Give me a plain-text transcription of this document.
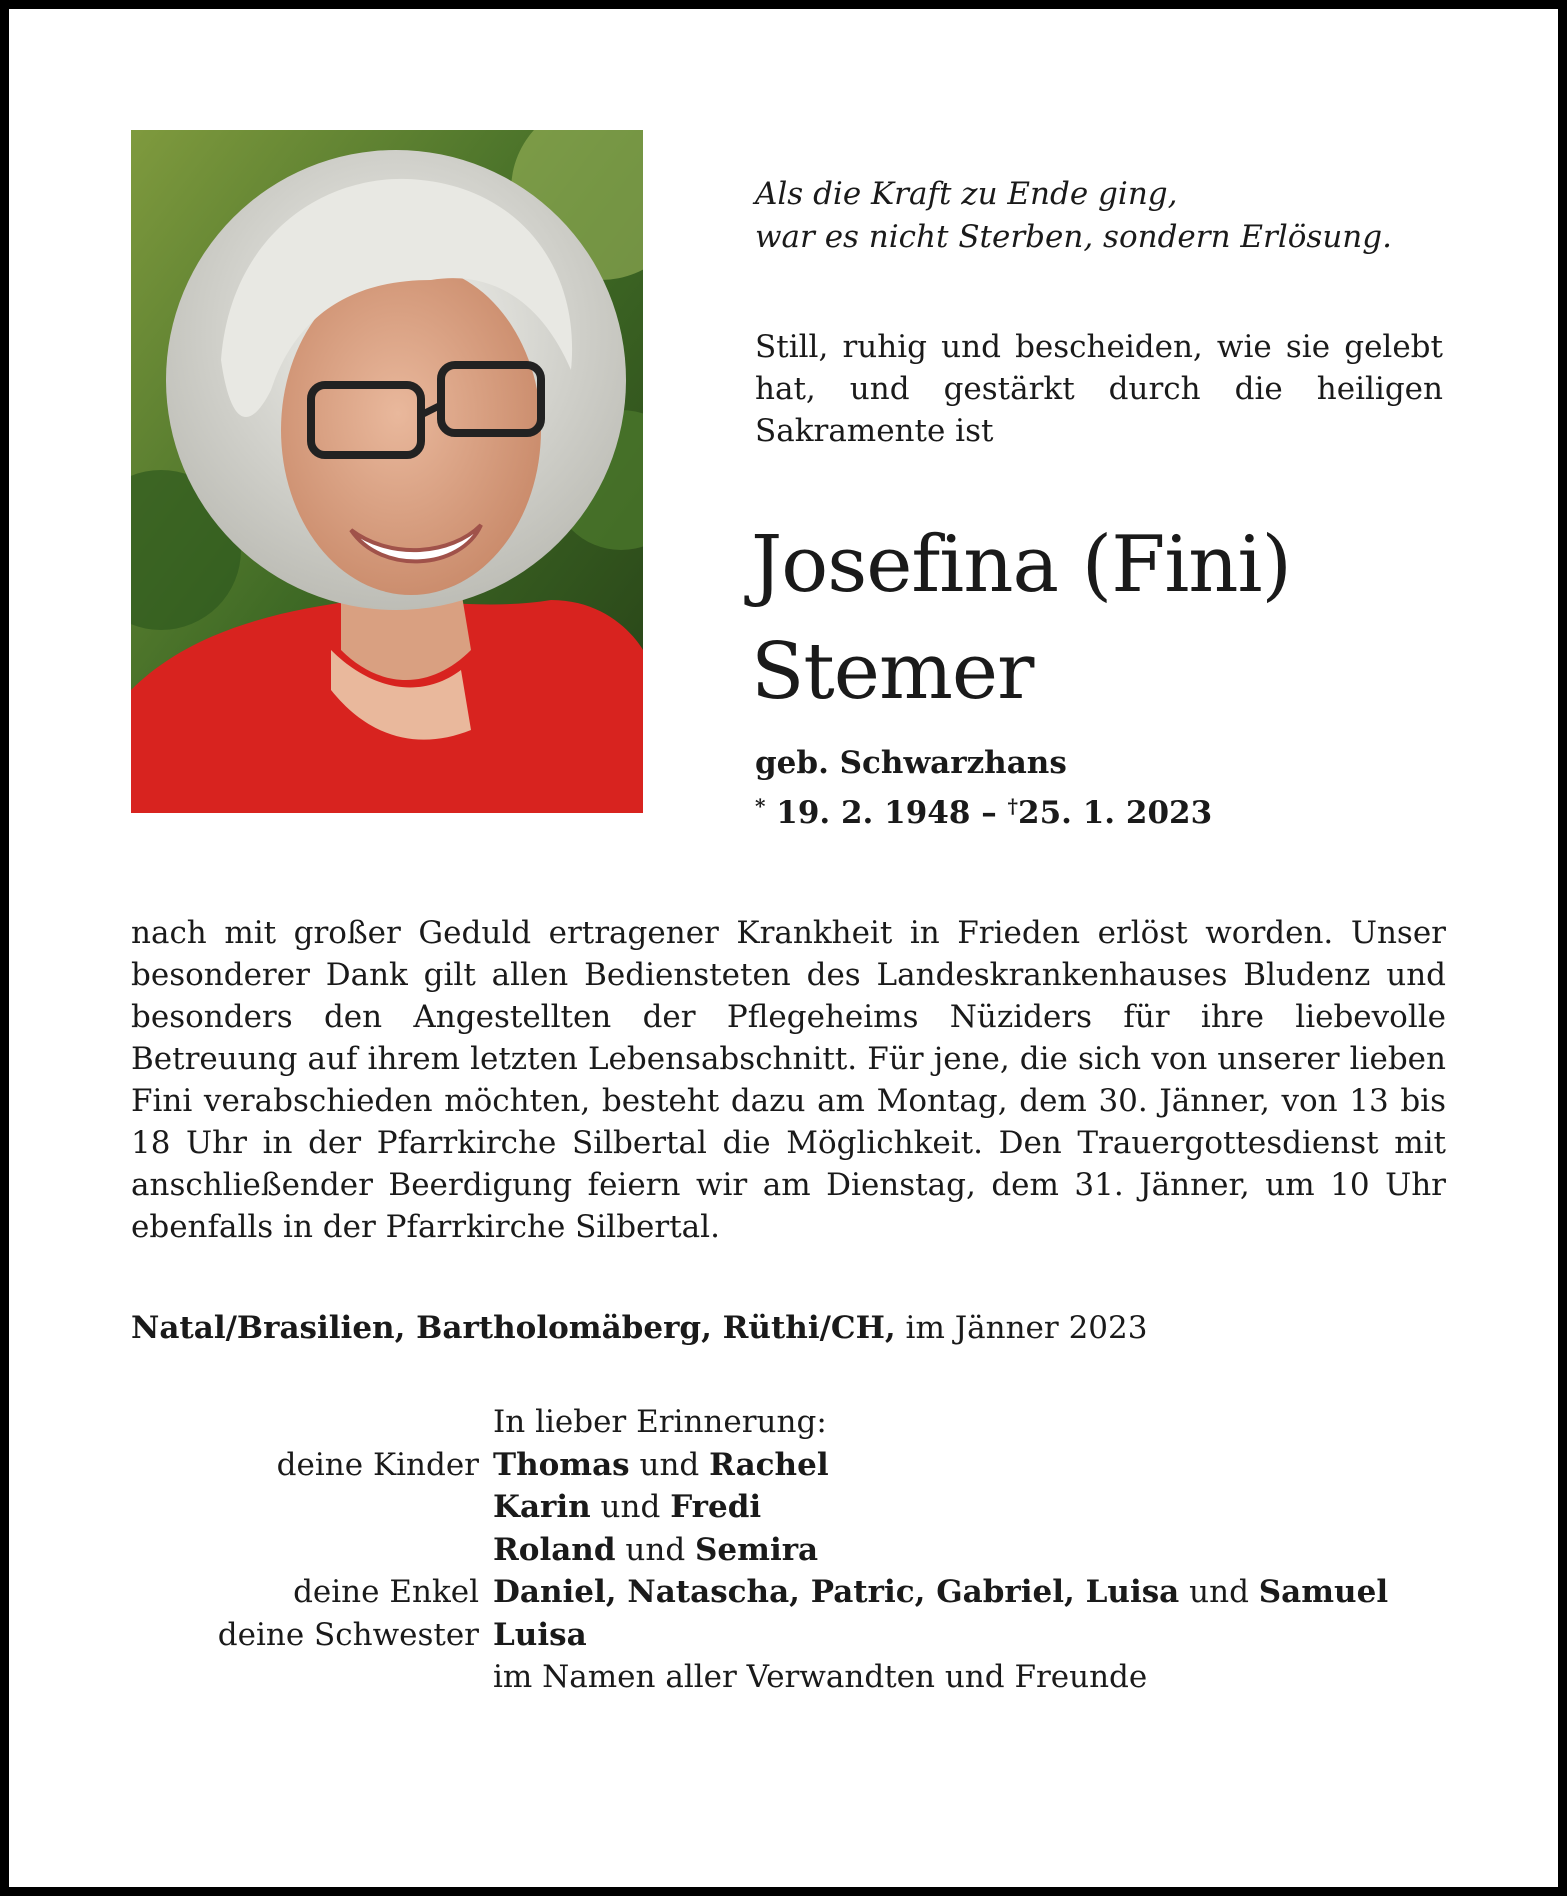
Als die Kraft zu Ende ging,
war es nicht Sterben, sondern Erlösung.
Still, ruhig und bescheiden, wie sie gelebt hat, und gestärkt durch die heiligen Sakramente ist
Josefina (Fini)
Stemer
geb. Schwarzhans
* 19. 2. 1948 – †25. 1. 2023
nach mit großer Geduld ertragener Krankheit in Frieden erlöst worden. Unser besonderer Dank gilt allen Bediensteten des Landeskrankenhauses Bludenz und besonders den Angestellten der Pflegeheims Nüziders für ihre liebevolle Betreuung auf ihrem letzten Lebensabschnitt. Für jene, die sich von unserer lieben Fini verabschieden möchten, besteht dazu am Montag, dem 30. Jänner, von 13 bis 18 Uhr in der Pfarrkirche Silbertal die Möglichkeit. Den Trauergottesdienst mit anschließender Beerdigung feiern wir am Dienstag, dem 31. Jänner, um 10 Uhr ebenfalls in der Pfarrkirche Silbertal.
Natal/Brasilien, Bartholomäberg, Rüthi/CH, im Jänner 2023
In lieber Erinnerung:
deine Kinder Thomas und Rachel
Karin und Fredi
Roland und Semira
deine Enkel Daniel, Natascha, Patric, Gabriel, Luisa und Samuel
deine Schwester Luisa
im Namen aller Verwandten und Freunde
